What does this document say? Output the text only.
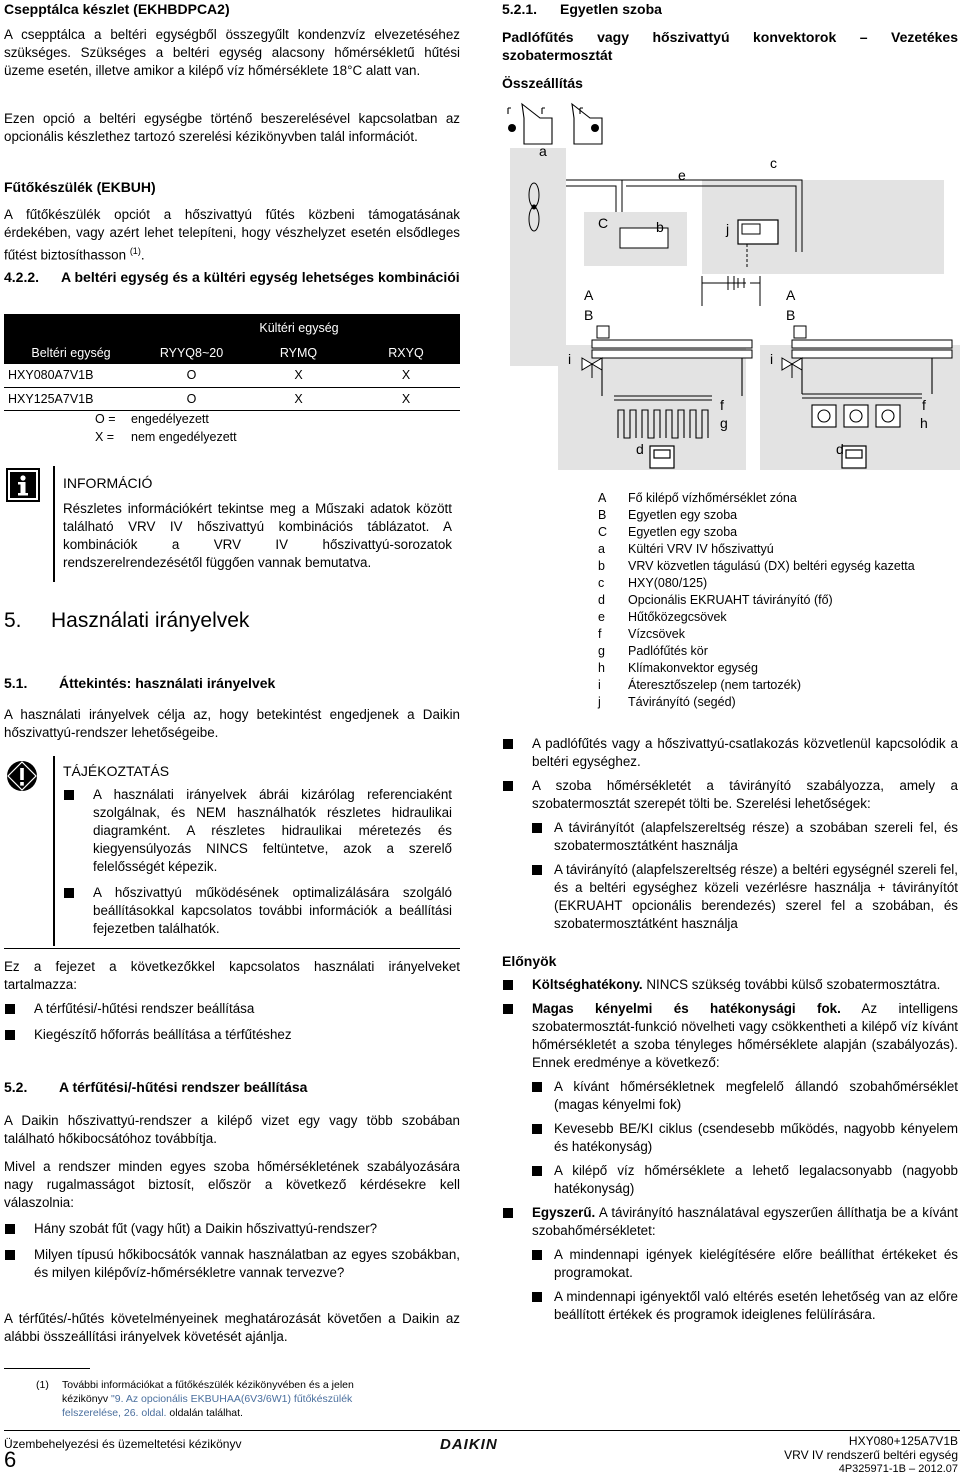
Csepptálca készlet (EKHBDPCA2)

A csepptálca a beltéri egységből összegyűlt kondenzvíz elvezetéséhez szükséges. Szükséges a beltéri egység alacsony hőmérsékletű hűtési üzeme esetén, illetve amikor a kilépő víz hőmérséklete 18°C alatt van.

Ezen opció a beltéri egységbe történő beszerelésével kapcsolatban az opcionális készlethez tartozó szerelési kézikönyvben talál információt.

Fűtőkészülék (EKBUH)

A fűtőkészülék opciót a hőszivattyú fűtés közbeni támogatásának érdekében, vagy azért lehet telepíteni, hogy vészhelyzet esetén elsődleges fűtést biztosíthasson $^{(1)}$.

4.2.2.	A beltéri egység és a kültéri egység lehetséges kombinációi
	Kültéri egység		
Beltéri egység	RYYQ8~20	RYMQ	RXYQ
HXY080A7V1B	O	X	X
HXY125A7V1B	O	X	X
O =	engedélyezett
X =	nem engedélyezett
INFORMÁCIÓ

Részletes információkért tekintse meg a Műszaki adatok között található VRV IV hőszivattyú kombinációs táblázatot. A kombinációk a VRV IV hőszivattyú-sorozatok rendszerelrendezésétől függően vannak bemutatva.

5.	Használati irányelvek
5.1.	Áttekintés: használati irányelvek

A használati irányelvek célja az, hogy betekintést engedjenek a Daikin hőszivattyú-rendszer lehetőségeibe.

TÁJÉKOZTATÁS
A használati irányelvek ábrái kizárólag referenciaként szolgálnak, és NEM használhatók részletes hidraulikai diagramként. A részletes hidraulikai méretezés és kiegyensúlyozás NINCS feltüntetve, azok a szerelő felelősségét képezik.
A hőszivattyú működésének optimalizálására szolgáló beállításokkal kapcsolatos további információk a beállítási fejezetben találhatók.

Ez a fejezet a következőkkel kapcsolatos használati irányelveket tartalmazza:

A térfűtési/-hűtési rendszer beállítása
Kiegészítő hőforrás beállítása a térfűtéshez
5.2.	A térfűtési/-hűtési rendszer beállítása

A Daikin hőszivattyú-rendszer a kilépő vizet egy vagy több szobában található hőkibocsátóhoz továbbítja.

Mivel a rendszer minden egyes szoba hőmérsékletének szabályozására nagy rugalmasságot biztosít, először a következő kérdésekre kell válaszolnia:

Hány szobát fűt (vagy hűt) a Daikin hőszivattyú-rendszer?
Milyen típusú hőkibocsátók vannak használatban az egyes szobákban, és milyen kilépővíz-hőmérsékletre vannak tervezve?

A térfűtés/-hűtés követelményeinek meghatározását követően a Daikin az alábbi összeállítási irányelvek követését ajánlja.

(1) További információkat a fűtőkészülék kézikönyvében és a jelen kézikönyv "9. Az opcionális EKBUHAA(6V3/6W1) fűtőkészülék felszerelése, 26. oldal. oldalán találhat.

5.2.1.	Egyetlen szoba
Padlófűtés vagy hőszivattyú konvektorok – Vezetékes szobatermosztát
Összeállítás
a
c
e
C	b	j
A
B
A
B
i	i
f
g
f
h
d	d
A	Fő kilépő vízhőmérséklet zóna
B	Egyetlen egy szoba
C	Egyetlen egy szoba
a	Kültéri VRV IV hőszivattyú
b	VRV közvetlen tágulású (DX) beltéri egység kazetta
c	HXY(080/125)
d	Opcionális EKRUAHT távirányító (fő)
e	Hűtőközegcsövek
f	Vízcsövek
g	Padlófűtés kör
h	Klímakonvektor egység
i	Áteresztőszelep (nem tartozék)
j	Távirányító (segéd)
A padlófűtés vagy a hőszivattyú-csatlakozás közvetlenül kapcsolódik a beltéri egységhez.
A szoba hőmérsékletét a távirányító szabályozza, amely a szobatermosztát szerepét tölti be. Szerelési lehetőségek:
A távirányítót (alapfelszereltség része) a szobában szereli fel, és szobatermosztátként használja
A távirányító (alapfelszereltség része) a beltéri egységnél szereli fel, és a beltéri egységhez közeli vezérlésre használja + távirányítót (EKRUAHT opcionális berendezés) szerel fel a szobában, és szobatermosztátként használja
Előnyök
Költséghatékony. NINCS szükség további külső szobatermosztátra.
Magas kényelmi és hatékonysági fok. Az intelligens szobatermosztát-funkció növelheti vagy csökkentheti a kilépő víz kívánt hőmérsékletét a szoba tényleges hőmérséklete alapján (szabályozás). Ennek eredménye a következő:
A kívánt hőmérsékletnek megfelelő állandó szobahőmérséklet (magas kényelmi fok)
Kevesebb BE/KI ciklus (csendesebb működés, nagyobb kényelem és hatékonyság)
A kilépő víz hőmérséklete a lehető legalacsonyabb (nagyobb hatékonyság)
Egyszerű. A távirányító használatával egyszerűen állíthatja be a kívánt szobahőmérsékletet:
A mindennapi igények kielégítésére előre beállíthat értékeket és programokat.
A mindennapi igényektől való eltérés esetén lehetőség van az előre beállított értékek és programok ideiglenes felülírására.
Üzembehelyezési és üzemeltetési kézikönyv
6
DAIKIN	HXY080+125A7V1B
VRV IV rendszerű beltéri egység
4P325971-1B – 2012.07
